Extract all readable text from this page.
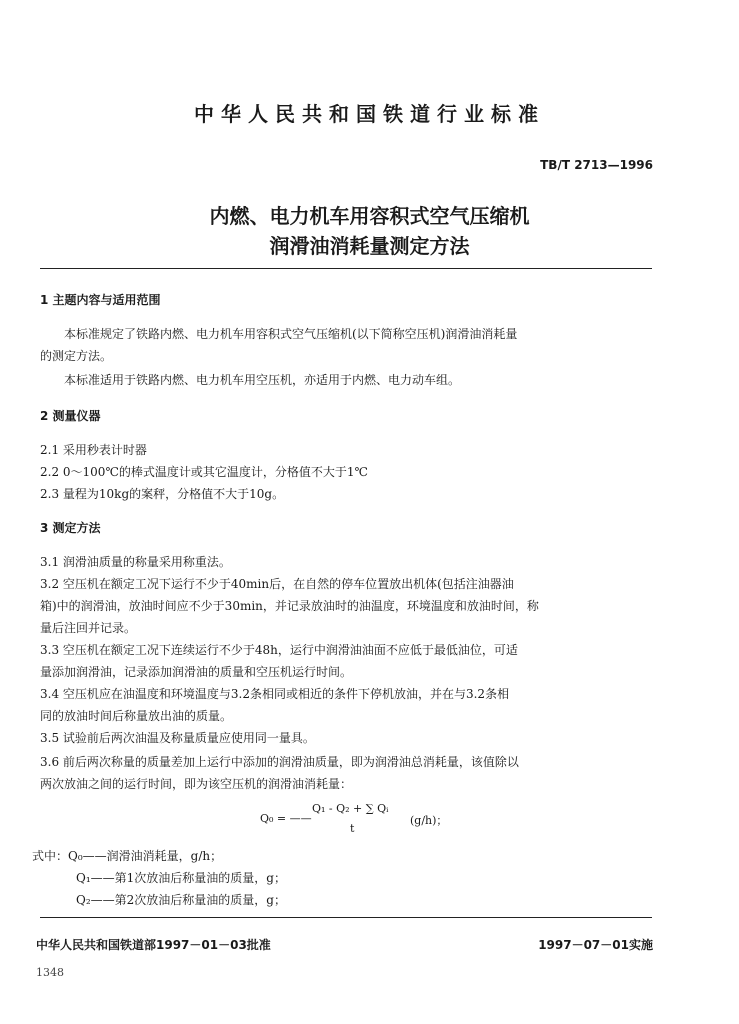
中华人民共和国铁道行业标准
TB/T 2713—1996
内燃、电力机车用容积式空气压缩机
润滑油消耗量测定方法
1 主题内容与适用范围
本标准规定了铁路内燃、电力机车用容积式空气压缩机(以下简称空压机)润滑油消耗量
的测定方法。
本标准适用于铁路内燃、电力机车用空压机，亦适用于内燃、电力动车组。
2 测量仪器
2.1 采用秒表计时器
2.2 0～100℃的棒式温度计或其它温度计，分格值不大于1℃
2.3 量程为10kg的案秤，分格值不大于10g。
3 测定方法
3.1 润滑油质量的称量采用称重法。
3.2 空压机在额定工况下运行不少于40min后，在自然的停车位置放出机体(包括注油器油
箱)中的润滑油，放油时间应不少于30min，并记录放油时的油温度，环境温度和放油时间，称
量后注回并记录。
3.3 空压机在额定工况下连续运行不少于48h，运行中润滑油油面不应低于最低油位，可适
量添加润滑油，记录添加润滑油的质量和空压机运行时间。
3.4 空压机应在油温度和环境温度与3.2条相同或相近的条件下停机放油，并在与3.2条相
同的放油时间后称量放出油的质量。
3.5 试验前后两次油温及称量质量应使用同一量具。
3.6 前后两次称量的质量差加上运行中添加的润滑油质量，即为润滑油总消耗量，该值除以
两次放油之间的运行时间，即为该空压机的润滑油消耗量：
Q₀ = ——
Q₁ - Q₂ + ∑ Qᵢ
t
(g/h)；
式中：Q₀——润滑油消耗量，g/h；
Q₁——第1次放油后称量油的质量，g；
Q₂——第2次放油后称量油的质量，g；
中华人民共和国铁道部1997－01－03批准	1997－07－01实施
1348
